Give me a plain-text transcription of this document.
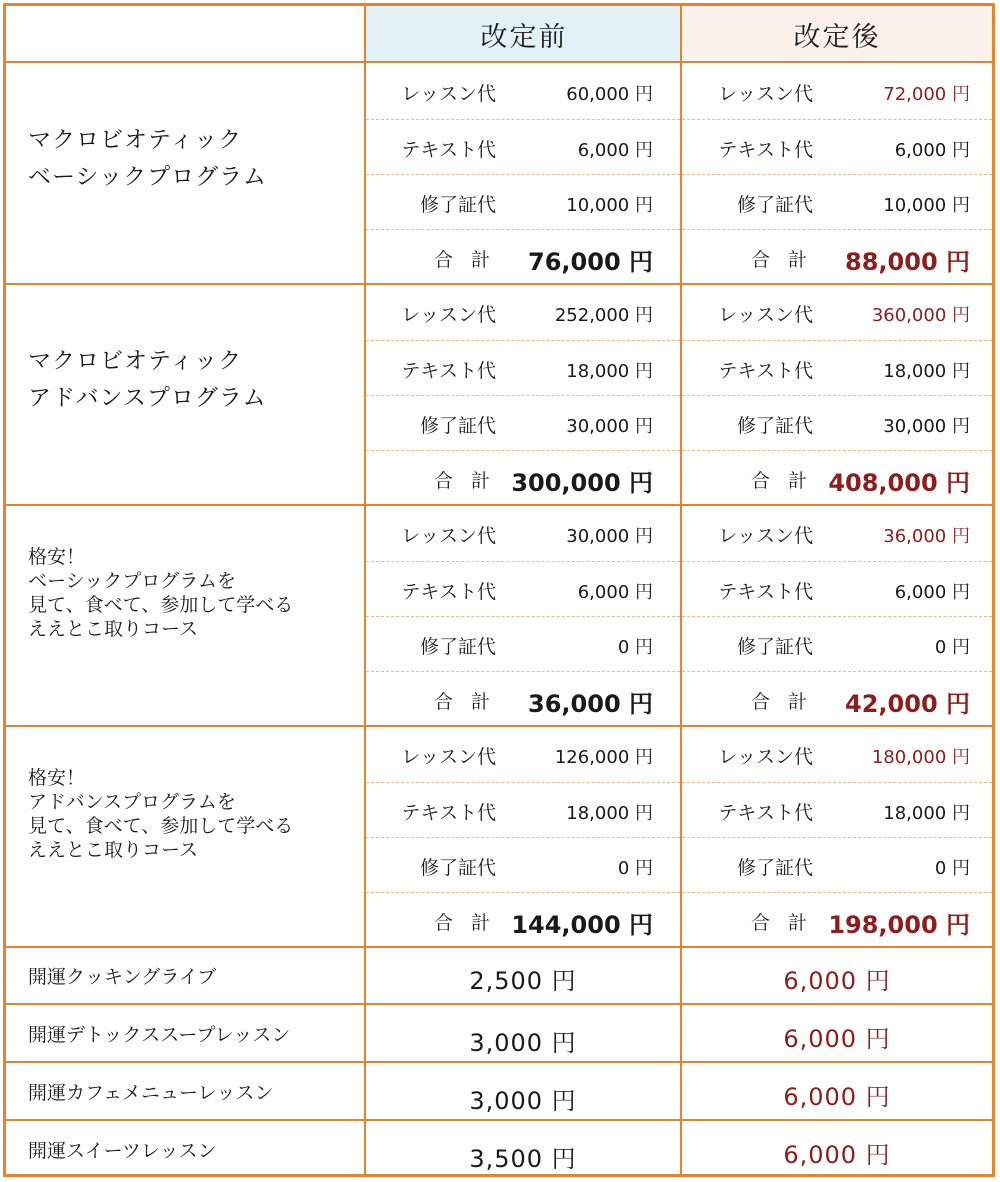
改定前	改定後
マクロビオティック
ベーシックプログラム
レッスン代	60,000 円	レッスン代	72,000 円
テキスト代	6,000 円	テキスト代	6,000 円
修了証代	10,000 円	修了証代	10,000 円
合 計	76,000 円	合 計	88,000 円
マクロビオティック
アドバンスプログラム
レッスン代	252,000 円	レッスン代	360,000 円
テキスト代	18,000 円	テキスト代	18,000 円
修了証代	30,000 円	修了証代	30,000 円
合 計 300,000 円	合 計 408,000 円
格安！
ベーシックプログラムを
見て、食べて、参加して学べる
ええとこ取りコース
レッスン代	30,000 円	レッスン代	36,000 円
テキスト代	6,000 円	テキスト代	6,000 円
修了証代	0 円	修了証代	0 円
合 計	36,000 円	合 計	42,000 円
格安！
アドバンスプログラムを
見て、食べて、参加して学べる
ええとこ取りコース
レッスン代	126,000 円	レッスン代	180,000 円
テキスト代	18,000 円	テキスト代	18,000 円
修了証代	0 円	修了証代	0 円
合 計 144,000 円	合 計 198,000 円
開運クッキングライブ	2,500 円	6,000 円
開運デトックススープレッスン	3,000 円	6,000 円
開運カフェメニューレッスン	3,000 円	6,000 円
開運スイーツレッスン	3,500 円	6,000 円
